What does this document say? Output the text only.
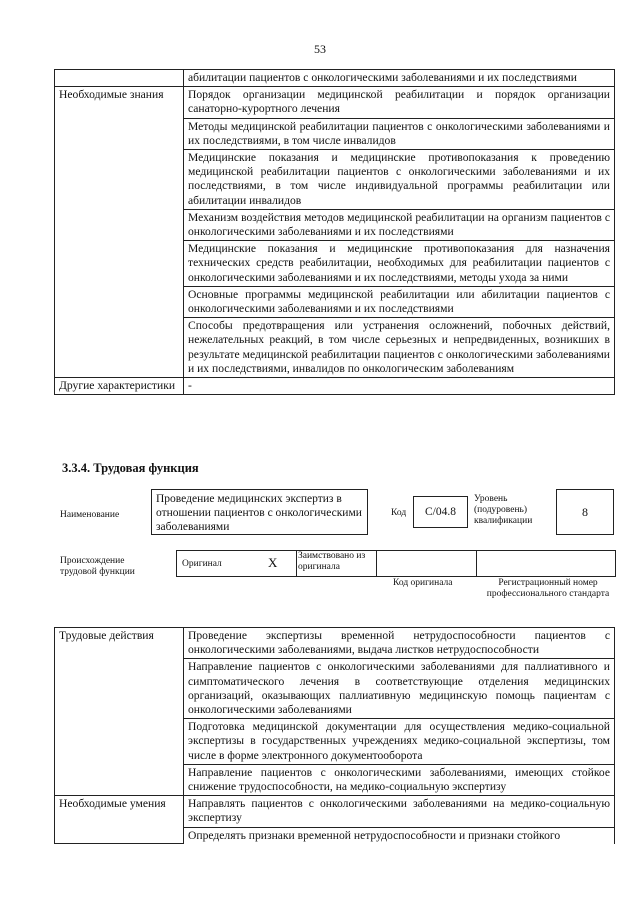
53
	абилитации пациентов с онкологическими заболеваниями и их последствиями
Необходимые знания	Порядок организации медицинской реабилитации и порядок организации санаторно-курортного лечения
	Методы медицинской реабилитации пациентов с онкологическими заболеваниями и их последствиями, в том числе инвалидов
	Медицинские показания и медицинские противопоказания к проведению медицинской реабилитации пациентов с онкологическими заболеваниями и их последствиями, в том числе индивидуальной программы реабилитации или абилитации инвалидов
	Механизм воздействия методов медицинской реабилитации на организм пациентов с онкологическими заболеваниями и их последствиями
	Медицинские показания и медицинские противопоказания для назначения технических средств реабилитации, необходимых для реабилитации пациентов с онкологическими заболеваниями и их последствиями, методы ухода за ними
	Основные программы медицинской реабилитации или абилитации пациентов с онкологическими заболеваниями и их последствиями
	Способы предотвращения или устранения осложнений, побочных действий, нежелательных реакций, в том числе серьезных и непредвиденных, возникших в результате медицинской реабилитации пациентов с онкологическими заболеваниями и их последствиями, инвалидов по онкологическим заболеваниям
Другие характеристики	-
3.3.4. Трудовая функция
Наименование
Проведение медицинских экспертиз в отношении пациентов с онкологическими заболеваниями
Код	C/04.8
Уровень (подуровень) квалификации
8
Происхождение трудовой функции
Оригинал	X Заимствовано из оригинала
Код оригинала	Регистрационный номер профессионального стандарта
Трудовые действия	Проведение экспертизы временной нетрудоспособности пациентов с онкологическими заболеваниями, выдача листков нетрудоспособности
	Направление пациентов с онкологическими заболеваниями для паллиативного и симптоматического лечения в соответствующие отделения медицинских организаций, оказывающих паллиативную медицинскую помощь пациентам с онкологическими заболеваниями
	Подготовка медицинской документации для осуществления медико-социальной экспертизы в государственных учреждениях медико-социальной экспертизы, том числе в форме электронного документооборота
	Направление пациентов с онкологическими заболеваниями, имеющих стойкое снижение трудоспособности, на медико-социальную экспертизу
Необходимые умения	Направлять пациентов с онкологическими заболеваниями на медико-социальную экспертизу
	Определять признаки временной нетрудоспособности и признаки стойкого
